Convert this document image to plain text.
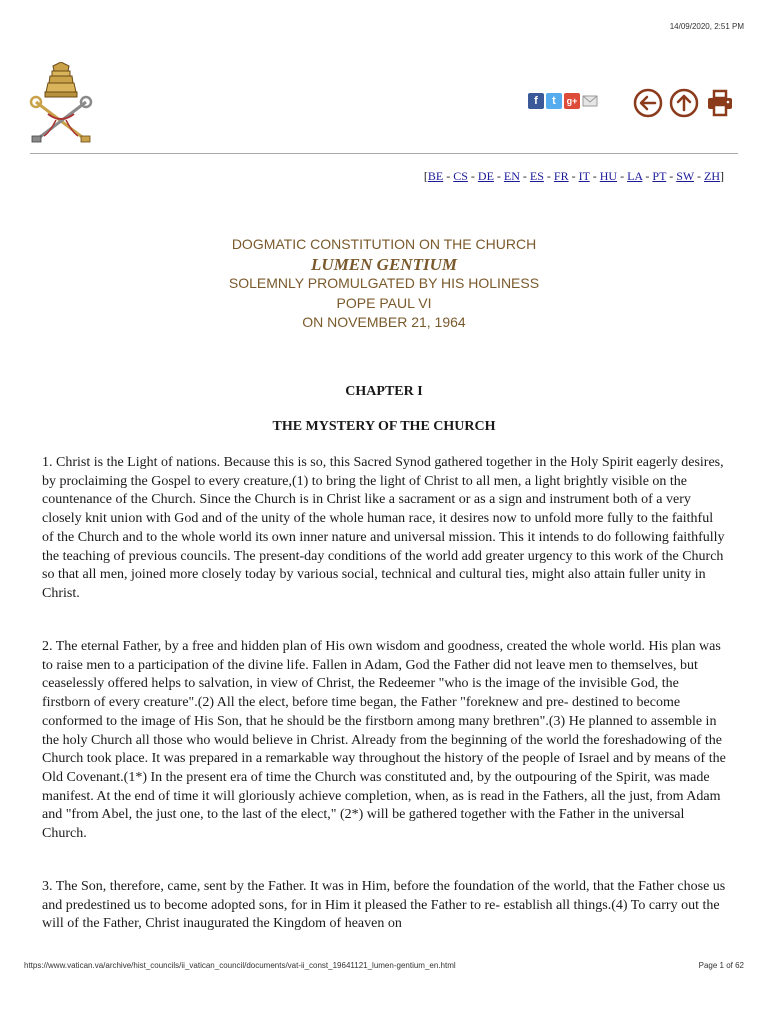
14/09/2020, 2:51 PM
f	t	g+
[BE - CS - DE - EN - ES - FR - IT - HU - LA - PT - SW - ZH]
DOGMATIC CONSTITUTION ON THE CHURCH
LUMEN GENTIUM
SOLEMNLY PROMULGATED BY HIS HOLINESS
POPE PAUL VI
ON NOVEMBER 21, 1964
CHAPTER I
THE MYSTERY OF THE CHURCH

1. Christ is the Light of nations. Because this is so, this Sacred Synod gathered together in the Holy Spirit eagerly desires, by proclaiming the Gospel to every creature,(1) to bring the light of Christ to all men, a light brightly visible on the countenance of the Church. Since the Church is in Christ like a sacrament or as a sign and instrument both of a very closely knit union with God and of the unity of the whole human race, it desires now to unfold more fully to the faithful of the Church and to the whole world its own inner nature and universal mission. This it intends to do following faithfully the teaching of previous councils. The present-day conditions of the world add greater urgency to this work of the Church so that all men, joined more closely today by various social, technical and cultural ties, might also attain fuller unity in Christ.

2. The eternal Father, by a free and hidden plan of His own wisdom and goodness, created the whole world. His plan was to raise men to a participation of the divine life. Fallen in Adam, God the Father did not leave men to themselves, but ceaselessly offered helps to salvation, in view of Christ, the Redeemer "who is the image of the invisible God, the firstborn of every creature".(2) All the elect, before time began, the Father "foreknew and pre- destined to become conformed to the image of His Son, that he should be the firstborn among many brethren".(3) He planned to assemble in the holy Church all those who would believe in Christ. Already from the beginning of the world the foreshadowing of the Church took place. It was prepared in a remarkable way throughout the history of the people of Israel and by means of the Old Covenant.(1*) In the present era of time the Church was constituted and, by the outpouring of the Spirit, was made manifest. At the end of time it will gloriously achieve completion, when, as is read in the Fathers, all the just, from Adam and "from Abel, the just one, to the last of the elect," (2*) will be gathered together with the Father in the universal Church.

3. The Son, therefore, came, sent by the Father. It was in Him, before the foundation of the world, that the Father chose us and predestined us to become adopted sons, for in Him it pleased the Father to re- establish all things.(4) To carry out the will of the Father, Christ inaugurated the Kingdom of heaven on

https://www.vatican.va/archive/hist_councils/ii_vatican_council/documents/vat-ii_const_19641121_lumen-gentium_en.html	Page 1 of 62
